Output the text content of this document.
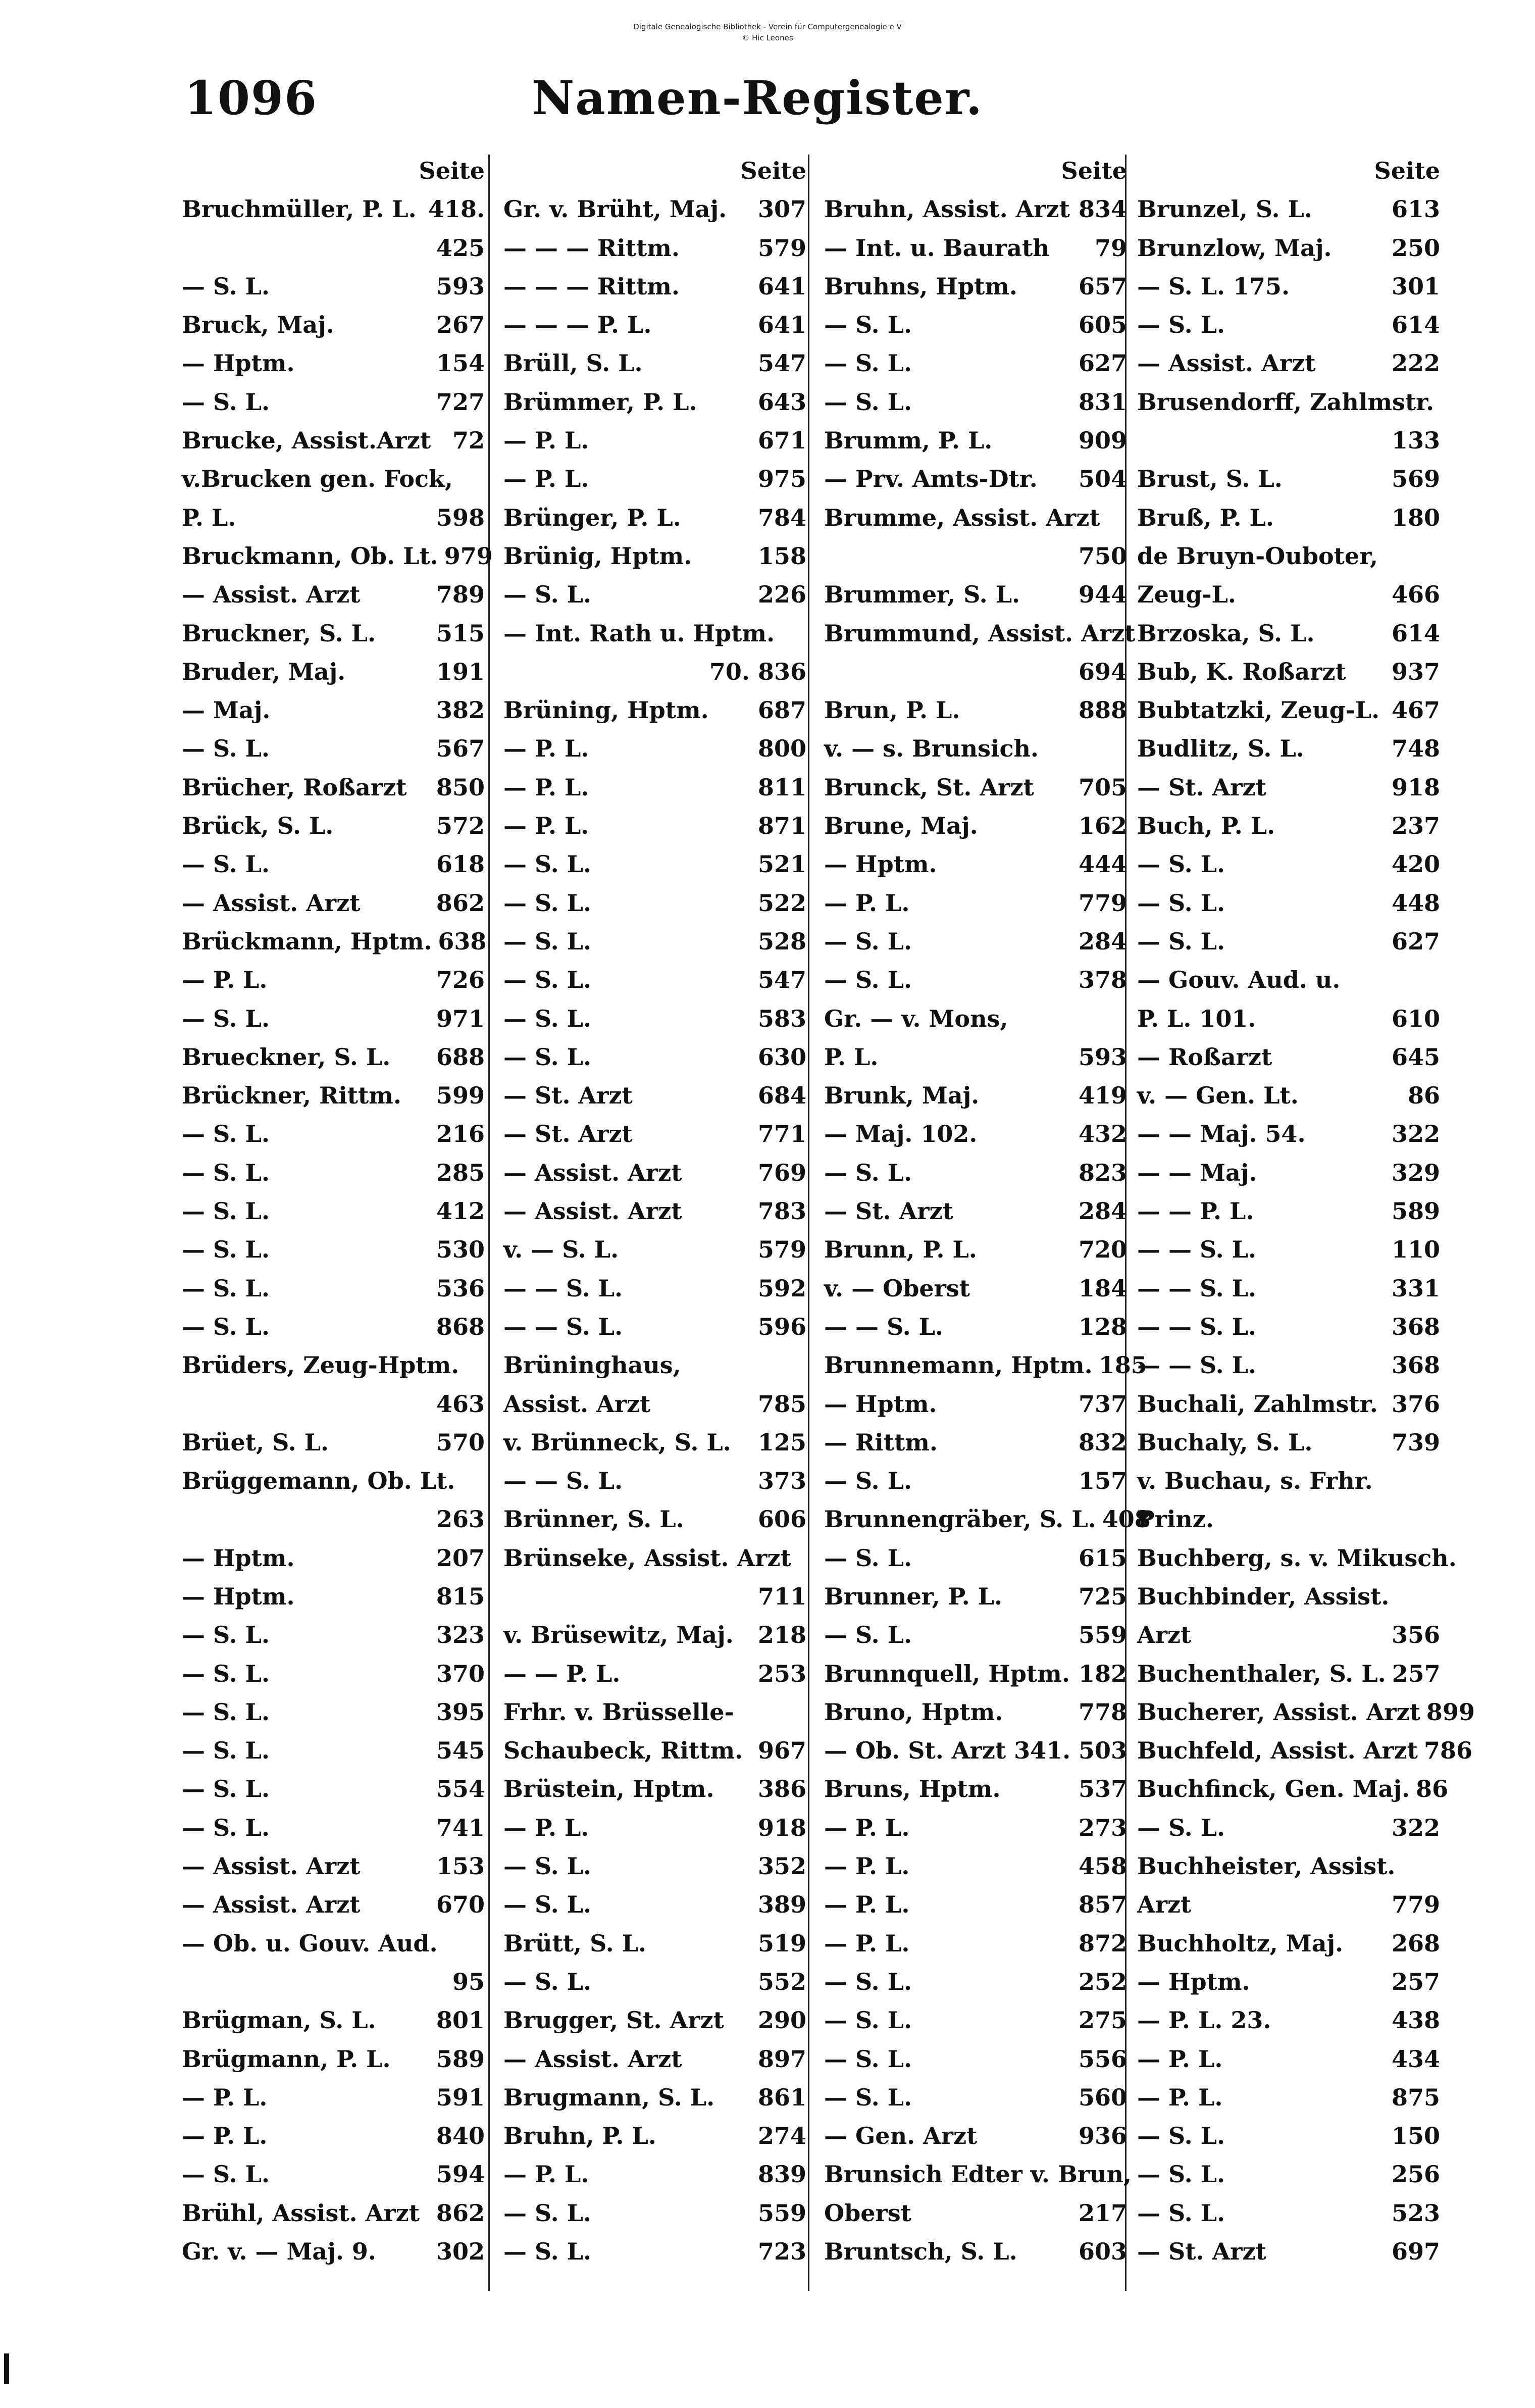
Digitale Genealogische Bibliothek - Verein für Computergenealogie e V
© Hic Leones
1096	Namen-Register.
Seite
Bruchmüller, P. L. 418.
425
— S. L.	593
Bruck, Maj.	267
— Hptm.	154
— S. L.	727
Brucke, Assist.Arzt 72
v.Brucken gen. Fock,
P. L.	598
Bruckmann, Ob. Lt. 979
— Assist. Arzt	789
Bruckner, S. L.	515
Bruder, Maj.	191
— Maj.	382
— S. L.	567
Brücher, Roßarzt 850
Brück, S. L.	572
— S. L.	618
— Assist. Arzt	862
Brückmann, Hptm. 638
— P. L.	726
— S. L.	971
Brueckner, S. L. 688
Brückner, Rittm. 599
— S. L.	216
— S. L.	285
— S. L.	412
— S. L.	530
— S. L.	536
— S. L.	868
Brüders, Zeug-Hptm.
463
Brüet, S. L.	570
Brüggemann, Ob. Lt.
263
— Hptm.	207
— Hptm.	815
— S. L.	323
— S. L.	370
— S. L.	395
— S. L.	545
— S. L.	554
— S. L.	741
— Assist. Arzt	153
— Assist. Arzt	670
— Ob. u. Gouv. Aud.
95
Brügman, S. L.	801
Brügmann, P. L. 589
— P. L.	591
— P. L.	840
— S. L.	594
Brühl, Assist. Arzt 862
Gr. v. — Maj. 9.	302
Seite
Gr. v. Brüht, Maj. 307
— — — Rittm.	579
— — — Rittm.	641
— — — P. L.	641
Brüll, S. L.	547
Brümmer, P. L.	643
— P. L.	671
— P. L.	975
Brünger, P. L.	784
Brünig, Hptm.	158
— S. L.	226
— Int. Rath u. Hptm.
70. 836
Brüning, Hptm. 687
— P. L.	800
— P. L.	811
— P. L.	871
— S. L.	521
— S. L.	522
— S. L.	528
— S. L.	547
— S. L.	583
— S. L.	630
— St. Arzt	684
— St. Arzt	771
— Assist. Arzt	769
— Assist. Arzt	783
v. — S. L.	579
— — S. L.	592
— — S. L.	596
Brüninghaus,
Assist. Arzt	785
v. Brünneck, S. L. 125
— — S. L.	373
Brünner, S. L.	606
Brünseke, Assist. Arzt
711
v. Brüsewitz, Maj. 218
— — P. L.	253
Frhr. v. Brüsselle-
Schaubeck, Rittm. 967
Brüstein, Hptm. 386
— P. L.	918
— S. L.	352
— S. L.	389
Brütt, S. L.	519
— S. L.	552
Brugger, St. Arzt 290
— Assist. Arzt	897
Brugmann, S. L. 861
Bruhn, P. L.	274
— P. L.	839
— S. L.	559
— S. L.	723
Seite
Bruhn, Assist. Arzt 834
— Int. u. Baurath 79
Bruhns, Hptm.	657
— S. L.	605
— S. L.	627
— S. L.	831
Brumm, P. L.	909
— Prv. Amts-Dtr. 504
Brumme, Assist. Arzt
750
Brummer, S. L.	944
Brummund, Assist. Arzt
694
Brun, P. L.	888
v. — s. Brunsich.
Brunck, St. Arzt 705
Brune, Maj.	162
— Hptm.	444
— P. L.	779
— S. L.	284
— S. L.	378
Gr. — v. Mons,
P. L.	593
Brunk, Maj.	419
— Maj. 102.	432
— S. L.	823
— St. Arzt	284
Brunn, P. L.	720
v. — Oberst	184
— — S. L.	128
Brunnemann, Hptm. 185
— Hptm.	737
— Rittm.	832
— S. L.	157
Brunnengräber, S. L. 408
— S. L.	615
Brunner, P. L.	725
— S. L.	559
Brunnquell, Hptm. 182
Bruno, Hptm.	778
— Ob. St. Arzt 341. 503
Bruns, Hptm.	537
— P. L.	273
— P. L.	458
— P. L.	857
— P. L.	872
— S. L.	252
— S. L.	275
— S. L.	556
— S. L.	560
— Gen. Arzt	936
Brunsich Edter v. Brun,
Oberst	217
Bruntsch, S. L.	603
Seite
Brunzel, S. L.	613
Brunzlow, Maj.	250
— S. L. 175.	301
— S. L.	614
— Assist. Arzt	222
Brusendorff, Zahlmstr.
133
Brust, S. L.	569
Bruß, P. L.	180
de Bruyn-Ouboter,
Zeug-L.	466
Brzoska, S. L.	614
Bub, K. Roßarzt 937
Bubtatzki, Zeug-L. 467
Budlitz, S. L.	748
— St. Arzt	918
Buch, P. L.	237
— S. L.	420
— S. L.	448
— S. L.	627
— Gouv. Aud. u.
P. L. 101.	610
— Roßarzt	645
v. — Gen. Lt.	86
— — Maj. 54.	322
— — Maj.	329
— — P. L.	589
— — S. L.	110
— — S. L.	331
— — S. L.	368
— — S. L.	368
Buchali, Zahlmstr. 376
Buchaly, S. L.	739
v. Buchau, s. Frhr.
Prinz.
Buchberg, s. v. Mikusch.
Buchbinder, Assist.
Arzt	356
Buchenthaler, S. L. 257
Bucherer, Assist. Arzt 899
Buchfeld, Assist. Arzt 786
Buchfinck, Gen. Maj. 86
— S. L.	322
Buchheister, Assist.
Arzt	779
Buchholtz, Maj. 268
— Hptm.	257
— P. L. 23.	438
— P. L.	434
— P. L.	875
— S. L.	150
— S. L.	256
— S. L.	523
— St. Arzt	697
